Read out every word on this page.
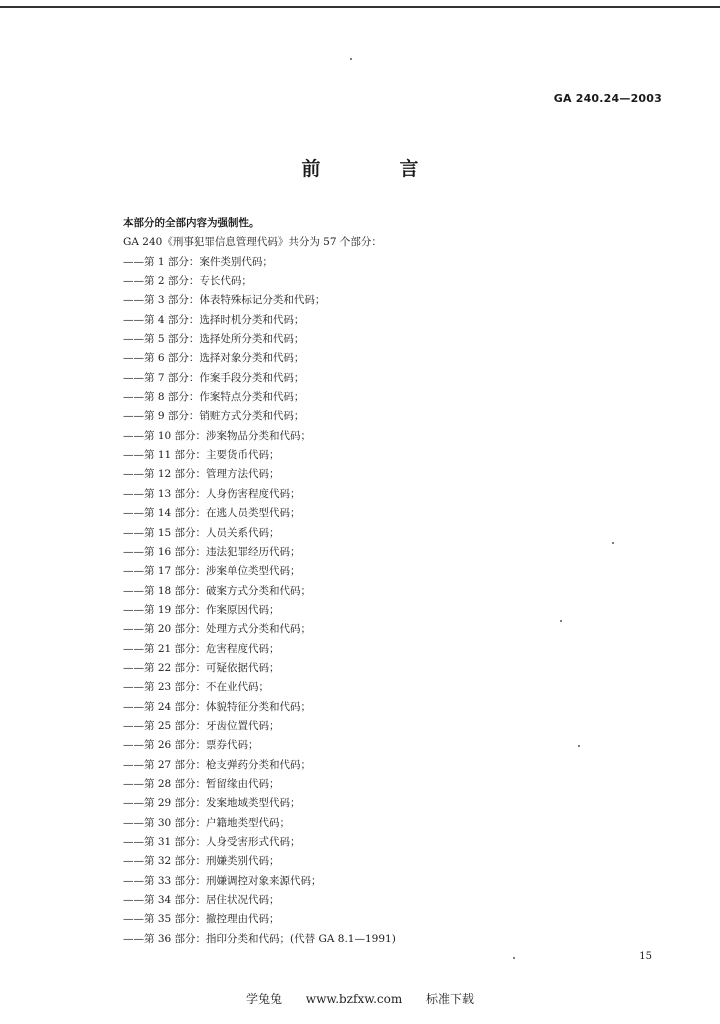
GA 240.24—2003
前　言
本部分的全部内容为强制性。
GA 240《刑事犯罪信息管理代码》共分为 57 个部分：
——第 1 部分：案件类别代码；
——第 2 部分：专长代码；
——第 3 部分：体表特殊标记分类和代码；
——第 4 部分：选择时机分类和代码；
——第 5 部分：选择处所分类和代码；
——第 6 部分：选择对象分类和代码；
——第 7 部分：作案手段分类和代码；
——第 8 部分：作案特点分类和代码；
——第 9 部分：销赃方式分类和代码；
——第 10 部分：涉案物品分类和代码；
——第 11 部分：主要货币代码；
——第 12 部分：管理方法代码；
——第 13 部分：人身伤害程度代码；
——第 14 部分：在逃人员类型代码；
——第 15 部分：人员关系代码；
——第 16 部分：违法犯罪经历代码；
——第 17 部分：涉案单位类型代码；
——第 18 部分：破案方式分类和代码；
——第 19 部分：作案原因代码；
——第 20 部分：处理方式分类和代码；
——第 21 部分：危害程度代码；
——第 22 部分：可疑依据代码；
——第 23 部分：不在业代码；
——第 24 部分：体貌特征分类和代码；
——第 25 部分：牙齿位置代码；
——第 26 部分：票券代码；
——第 27 部分：枪支弹药分类和代码；
——第 28 部分：暂留缘由代码；
——第 29 部分：发案地域类型代码；
——第 30 部分：户籍地类型代码；
——第 31 部分：人身受害形式代码；
——第 32 部分：刑嫌类别代码；
——第 33 部分：刑嫌调控对象来源代码；
——第 34 部分：居住状况代码；
——第 35 部分：撤控理由代码；
——第 36 部分：指印分类和代码；(代替 GA 8.1—1991)
15
学兔兔 www.bzfxw.com 标准下载
